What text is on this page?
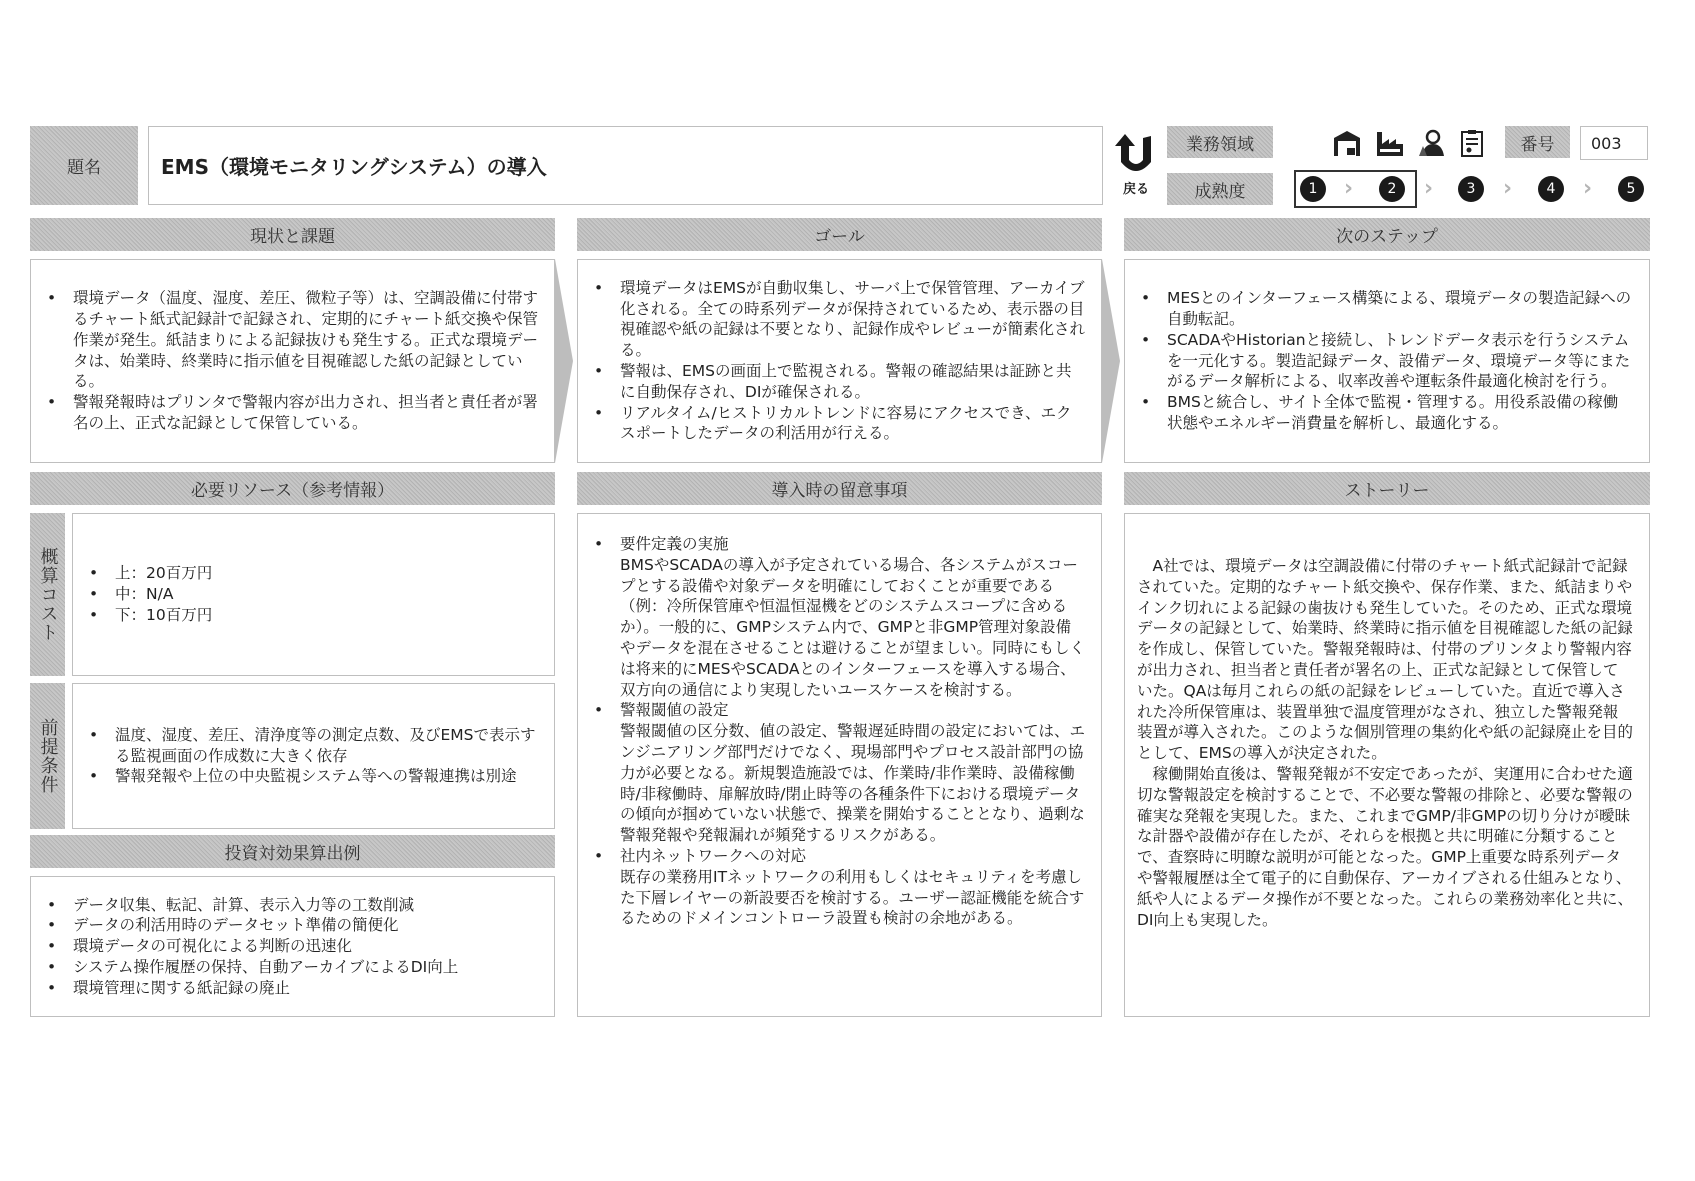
題名	EMS（環境モニタリングシステム）の導入
戻る
業務領域
成熟度
番号	003
1	›	2	›	3	›	4	›	5
現状と課題	ゴール	次のステップ
• 環境データ（温度、湿度、差圧、微粒子等）は、空調設備に付帯するチャート紙式記録計で記録され、定期的にチャート紙交換や保管作業が発生。紙詰まりによる記録抜けも発生する。正式な環境データは、始業時、終業時に指示値を目視確認した紙の記録としている。
• 警報発報時はプリンタで警報内容が出力され、担当者と責任者が署名の上、正式な記録として保管している。
• 環境データはEMSが自動収集し、サーバ上で保管管理、アーカイブ化される。全ての時系列データが保持されているため、表示器の目視確認や紙の記録は不要となり、記録作成やレビューが簡素化される。
• 警報は、EMSの画面上で監視される。警報の確認結果は証跡と共に自動保存され、DIが確保される。
• リアルタイム/ヒストリカルトレンドに容易にアクセスでき、エクスポートしたデータの利活用が行える。
• MESとのインターフェース構築による、環境データの製造記録への自動転記。
• SCADAやHistorianと接続し、トレンドデータ表示を行うシステムを一元化する。製造記録データ、設備データ、環境データ等にまたがるデータ解析による、収率改善や運転条件最適化検討を行う。
• BMSと統合し、サイト全体で監視・管理する。用役系設備の稼働状態やエネルギー消費量を解析し、最適化する。
必要リソース（参考情報）	導入時の留意事項	ストーリー
概算コスト	• 上：20百万円
• 中：N/A
• 下：10百万円
前提条件	• 温度、湿度、差圧、清浄度等の測定点数、及びEMSで表示する監視画面の作成数に大きく依存
• 警報発報や上位の中央監視システム等への警報連携は別途
投資対効果算出例
• データ収集、転記、計算、表示入力等の工数削減
• データの利活用時のデータセット準備の簡便化
• 環境データの可視化による判断の迅速化
• システム操作履歴の保持、自動アーカイブによるDI向上
• 環境管理に関する紙記録の廃止
• 要件定義の実施
BMSやSCADAの導入が予定されている場合、各システムがスコープとする設備や対象データを明確にしておくことが重要である（例：冷所保管庫や恒温恒湿機をどのシステムスコープに含めるか）。一般的に、GMPシステム内で、GMPと非GMP管理対象設備やデータを混在させることは避けることが望ましい。同時にもしくは将来的にMESやSCADAとのインターフェースを導入する場合、双方向の通信により実現したいユースケースを検討する。
• 警報閾値の設定
警報閾値の区分数、値の設定、警報遅延時間の設定においては、エンジニアリング部門だけでなく、現場部門やプロセス設計部門の協力が必要となる。新規製造施設では、作業時/非作業時、設備稼働時/非稼働時、扉解放時/閉止時等の各種条件下における環境データの傾向が掴めていない状態で、操業を開始することとなり、過剰な警報発報や発報漏れが頻発するリスクがある。
• 社内ネットワークへの対応
既存の業務用ITネットワークの利用もしくはセキュリティを考慮した下層レイヤーの新設要否を検討する。ユーザー認証機能を統合するためのドメインコントローラ設置も検討の余地がある。

A社では、環境データは空調設備に付帯のチャート紙式記録計で記録されていた。定期的なチャート紙交換や、保存作業、また、紙詰まりやインク切れによる記録の歯抜けも発生していた。そのため、正式な環境データの記録として、始業時、終業時に指示値を目視確認した紙の記録を作成し、保管していた。警報発報時は、付帯のプリンタより警報内容が出力され、担当者と責任者が署名の上、正式な記録として保管していた。QAは毎月これらの紙の記録をレビューしていた。直近で導入された冷所保管庫は、装置単独で温度管理がなされ、独立した警報発報装置が導入された。このような個別管理の集約化や紙の記録廃止を目的として、EMSの導入が決定された。

稼働開始直後は、警報発報が不安定であったが、実運用に合わせた適切な警報設定を検討することで、不必要な警報の排除と、必要な警報の確実な発報を実現した。また、これまでGMP/非GMPの切り分けが曖昧な計器や設備が存在したが、それらを根拠と共に明確に分類することで、査察時に明瞭な説明が可能となった。GMP上重要な時系列データや警報履歴は全て電子的に自動保存、アーカイブされる仕組みとなり、紙や人によるデータ操作が不要となった。これらの業務効率化と共に、DI向上も実現した。
